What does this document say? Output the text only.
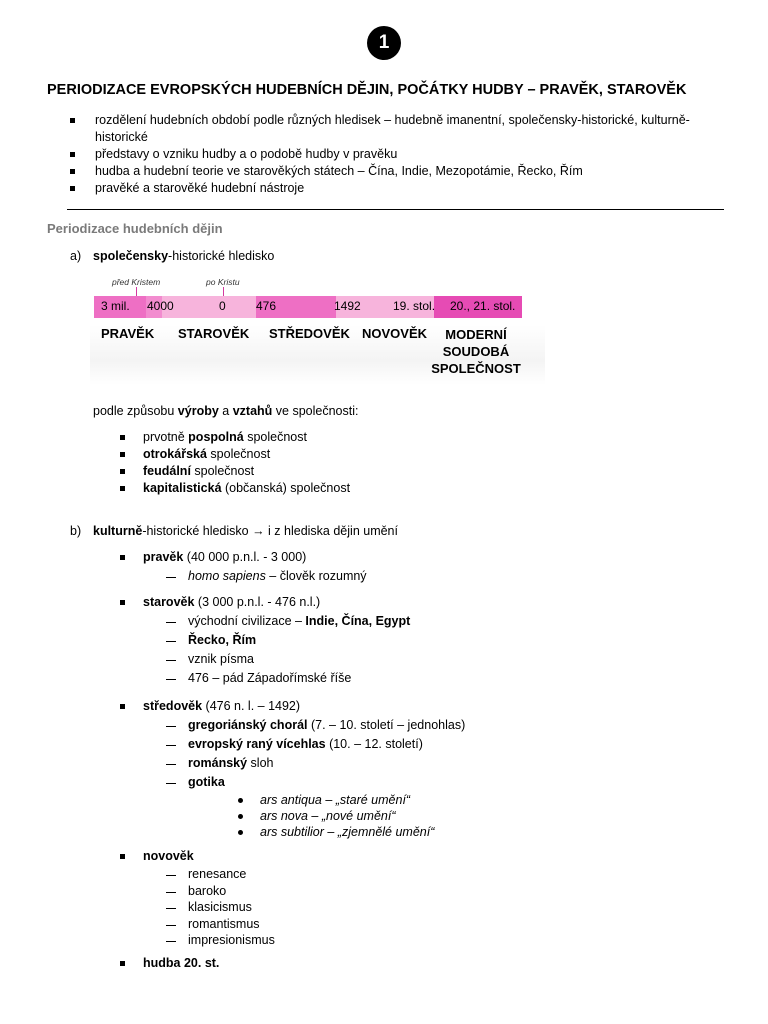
1
PERIODIZACE EVROPSKÝCH HUDEBNÍCH DĚJIN, POČÁTKY HUDBY – PRAVĚK, STAROVĚK
rozdělení hudebních období podle různých hledisek – hudebně imanentní, společensky-historické, kulturně-historické
představy o vzniku hudby a o podobě hudby v pravěku
hudba a hudební teorie ve starověkých státech – Čína, Indie, Mezopotámie, Řecko, Řím
pravěké a starověké hudební nástroje
Periodizace hudebních dějin
a) společensky-historické hledisko
před Kristem	po Kristu
3 mil. 4000	0	476	1492	19. stol. 20., 21. stol.
PRAVĚK STAROVĚK STŘEDOVĚK NOVOVĚK	MODERNÍ
SOUDOBÁ
SPOLEČNOST
podle způsobu výroby a vztahů ve společnosti:
prvotně pospolná společnost
otrokářská společnost
feudální společnost
kapitalistická (občanská) společnost
b) kulturně-historické hledisko → i z hlediska dějin umění
pravěk (40 000 p.n.l. - 3 000)
homo sapiens – člověk rozumný
starověk (3 000 p.n.l. - 476 n.l.)
východní civilizace – Indie, Čína, Egypt
Řecko, Řím
vznik písma
476 – pád Západořímské říše
středověk (476 n. l. – 1492)
gregoriánský chorál (7. – 10. století – jednohlas)
evropský raný vícehlas (10. – 12. století)
románský sloh
gotika
ars antiqua – „staré umění“
ars nova – „nové umění“
ars subtilior – „zjemnělé umění“
novověk
renesance
baroko
klasicismus
romantismus
impresionismus
hudba 20. st.
